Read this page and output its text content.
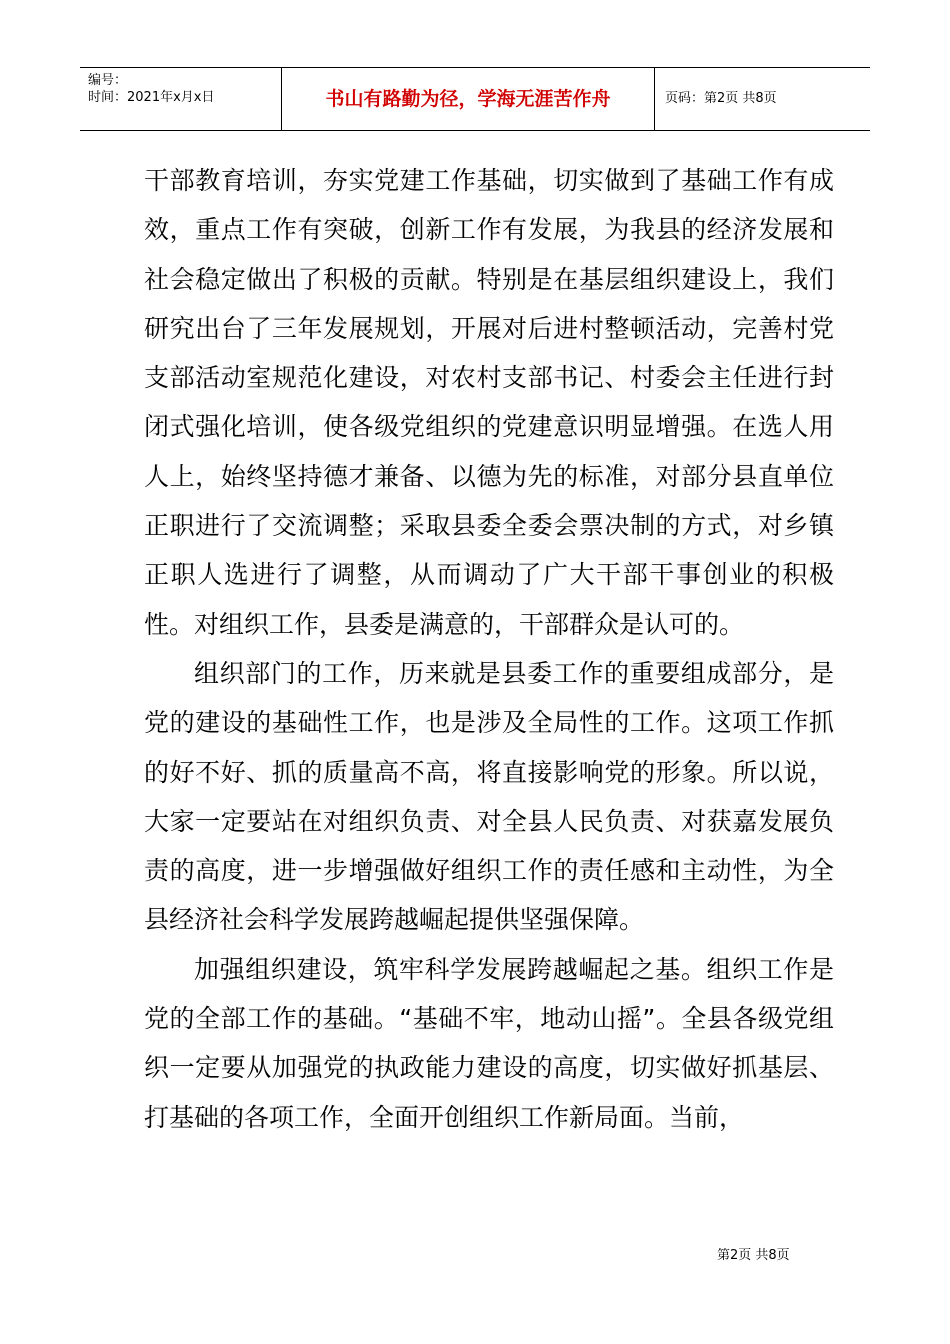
编号：
时间：2021年x月x日	书山有路勤为径，学海无涯苦作舟	页码：第2页 共8页

干部教育培训，夯实党建工作基础，切实做到了基础工作有成效，重点工作有突破，创新工作有发展，为我县的经济发展和社会稳定做出了积极的贡献。特别是在基层组织建设上，我们研究出台了三年发展规划，开展对后进村整顿活动，完善村党支部活动室规范化建设，对农村支部书记、村委会主任进行封闭式强化培训，使各级党组织的党建意识明显增强。在选人用人上，始终坚持德才兼备、以德为先的标准，对部分县直单位正职进行了交流调整；采取县委全委会票决制的方式，对乡镇正职人选进行了调整，从而调动了广大干部干事创业的积极性。对组织工作，县委是满意的，干部群众是认可的。

组织部门的工作，历来就是县委工作的重要组成部分，是党的建设的基础性工作，也是涉及全局性的工作。这项工作抓的好不好、抓的质量高不高，将直接影响党的形象。所以说，大家一定要站在对组织负责、对全县人民负责、对获嘉发展负责的高度，进一步增强做好组织工作的责任感和主动性，为全县经济社会科学发展跨越崛起提供坚强保障。

加强组织建设，筑牢科学发展跨越崛起之基。组织工作是党的全部工作的基础。“基础不牢，地动山摇”。全县各级党组织一定要从加强党的执政能力建设的高度，切实做好抓基层、打基础的各项工作，全面开创组织工作新局面。当前，

第2页 共8页
